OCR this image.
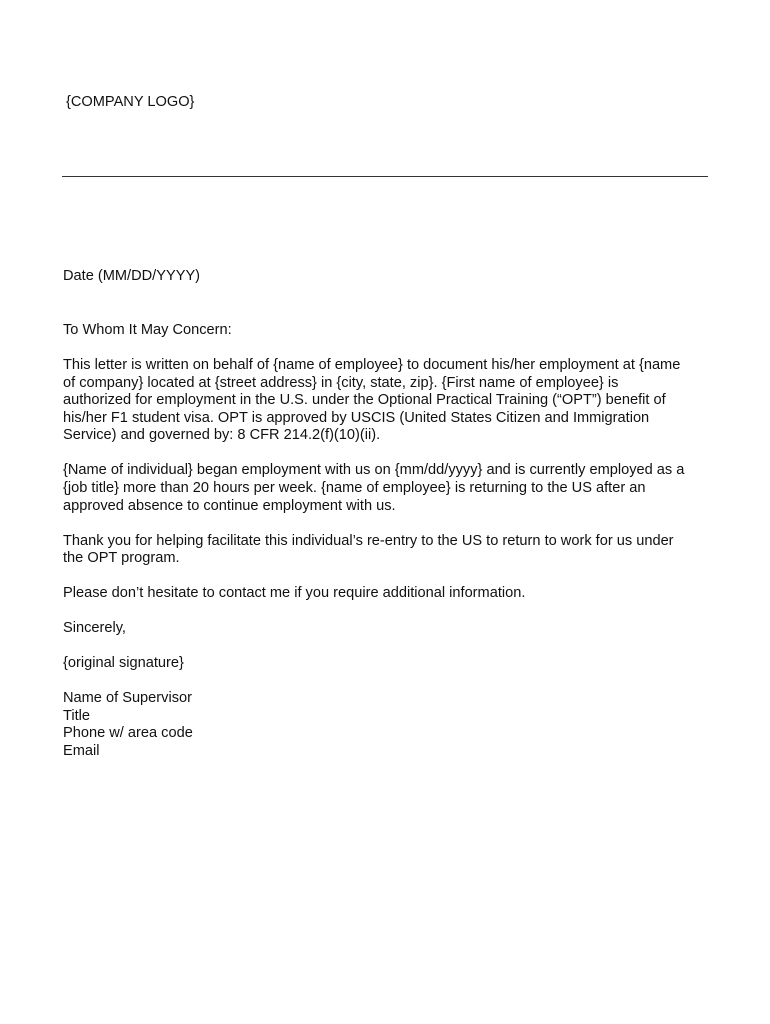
{COMPANY LOGO}
Date (MM/DD/YYYY)

To Whom It May Concern:

This letter is written on behalf of {name of employee} to document his/her employment at {name
of company} located at {street address} in {city, state, zip}. {First name of employee} is
authorized for employment in the U.S. under the Optional Practical Training (“OPT”) benefit of
his/her F1 student visa. OPT is approved by USCIS (United States Citizen and Immigration
Service) and governed by: 8 CFR 214.2(f)(10)(ii).

{Name of individual} began employment with us on {mm/dd/yyyy} and is currently employed as a
{job title} more than 20 hours per week. {name of employee} is returning to the US after an
approved absence to continue employment with us.

Thank you for helping facilitate this individual’s re-entry to the US to return to work for us under
the OPT program.

Please don’t hesitate to contact me if you require additional information.

Sincerely,

{original signature}

Name of Supervisor

Title

Phone w/ area code

Email
